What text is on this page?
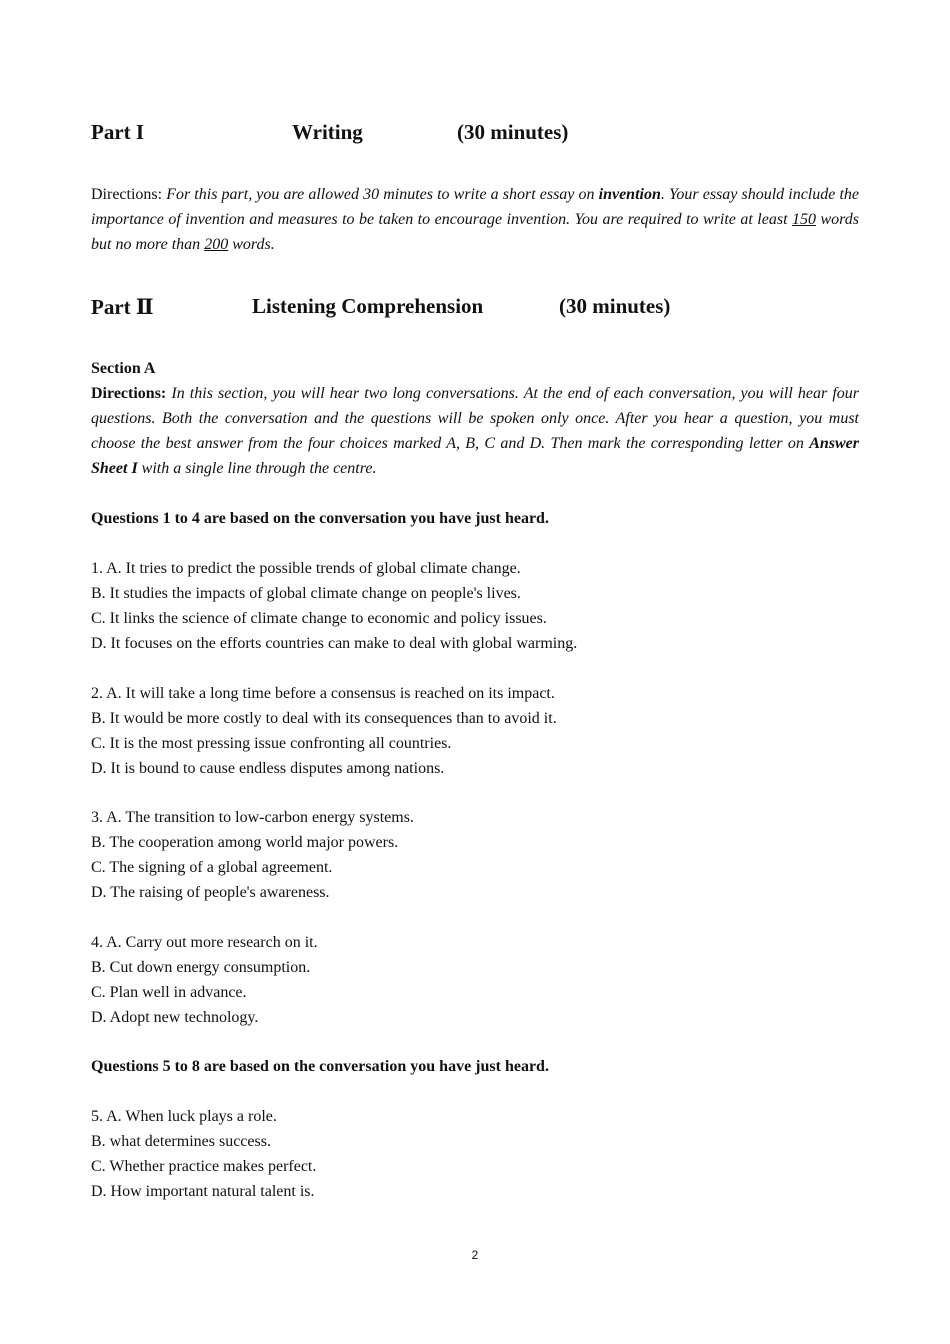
Part I	Writing	(30 minutes)
Directions: For this part, you are allowed 30 minutes to write a short essay on invention. Your essay should include the importance of invention and measures to be taken to encourage invention. You are required to write at least 150 words but no more than 200 words.
Part Ⅱ	Listening Comprehension	(30 minutes)
Section A
Directions: In this section, you will hear two long conversations. At the end of each conversation, you will hear four questions. Both the conversation and the questions will be spoken only once. After you hear a question, you must choose the best answer from the four choices marked A, B, C and D. Then mark the corresponding letter on Answer Sheet I with a single line through the centre.
Questions 1 to 4 are based on the conversation you have just heard.
1. A. It tries to predict the possible trends of global climate change.
B. It studies the impacts of global climate change on people's lives.
C. It links the science of climate change to economic and policy issues.
D. It focuses on the efforts countries can make to deal with global warming.
2. A. It will take a long time before a consensus is reached on its impact.
B. It would be more costly to deal with its consequences than to avoid it.
C. It is the most pressing issue confronting all countries.
D. It is bound to cause endless disputes among nations.
3. A. The transition to low-carbon energy systems.
B. The cooperation among world major powers.
C. The signing of a global agreement.
D. The raising of people's awareness.
4. A. Carry out more research on it.
B. Cut down energy consumption.
C. Plan well in advance.
D. Adopt new technology.
Questions 5 to 8 are based on the conversation you have just heard.
5. A. When luck plays a role.
B. what determines success.
C. Whether practice makes perfect.
D. How important natural talent is.
2
